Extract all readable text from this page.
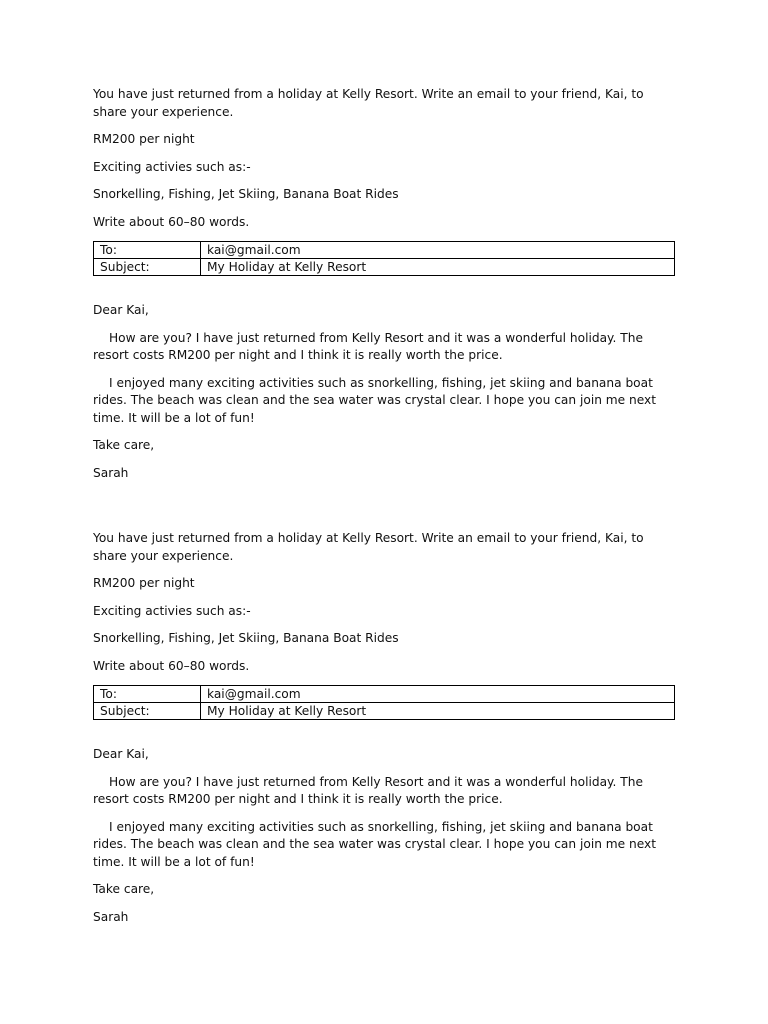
You have just returned from a holiday at Kelly Resort. Write an email to your friend, Kai, to share your experience.

RM200 per night

Exciting activies such as:-

Snorkelling, Fishing, Jet Skiing, Banana Boat Rides

Write about 60–80 words.

To:	kai@gmail.com
Subject:	My Holiday at Kelly Resort

Dear Kai,

How are you? I have just returned from Kelly Resort and it was a wonderful holiday. The resort costs RM200 per night and I think it is really worth the price.

I enjoyed many exciting activities such as snorkelling, fishing, jet skiing and banana boat rides. The beach was clean and the sea water was crystal clear. I hope you can join me next time. It will be a lot of fun!

Take care,

Sarah

You have just returned from a holiday at Kelly Resort. Write an email to your friend, Kai, to share your experience.

RM200 per night

Exciting activies such as:-

Snorkelling, Fishing, Jet Skiing, Banana Boat Rides

Write about 60–80 words.

To:	kai@gmail.com
Subject:	My Holiday at Kelly Resort

Dear Kai,

How are you? I have just returned from Kelly Resort and it was a wonderful holiday. The resort costs RM200 per night and I think it is really worth the price.

I enjoyed many exciting activities such as snorkelling, fishing, jet skiing and banana boat rides. The beach was clean and the sea water was crystal clear. I hope you can join me next time. It will be a lot of fun!

Take care,

Sarah
